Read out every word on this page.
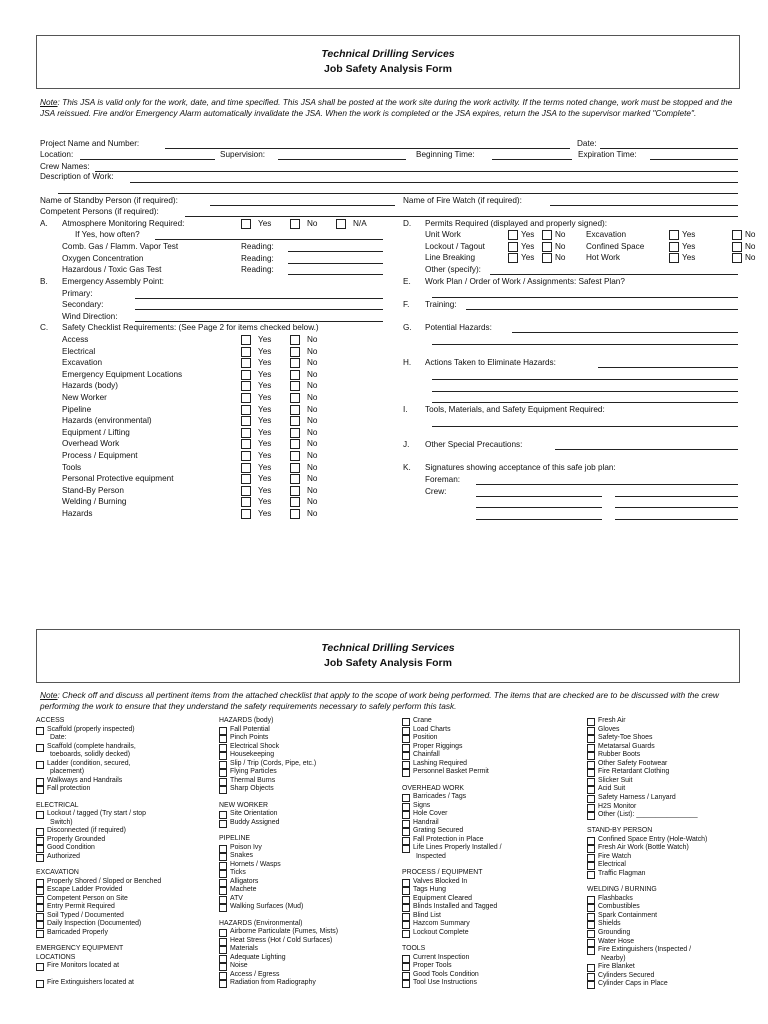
Technical Drilling Services
Job Safety Analysis Form
Note: This JSA is valid only for the work, date, and time specified. This JSA shall be posted at the work site during the work activity. If the terms noted change, work must be stopped and the JSA reissued. Fire and/or Emergency Alarm automatically invalidate the JSA. When the work is completed or the JSA expires, return the JSA to the supervisor marked "Complete".
Project Name and Number:	Date:
Location:	Supervision:	Beginning Time:	Expiration Time:
Crew Names:
Description of Work:
Name of Standby Person (if required):	Name of Fire Watch (if required):
Competent Persons (if required):
A. Atmosphere Monitoring Required:	Yes	No	N/A
If Yes, how often?
Comb. Gas / Flamm. Vapor Test	Reading:
Oxygen Concentration	Reading:
Hazardous / Toxic Gas Test	Reading:
B. Emergency Assembly Point:
Primary:
Secondary:
Wind Direction:
C. Safety Checklist Requirements: (See Page 2 for items checked below.)
Access	Yes	No
Electrical	Yes	No
Excavation	Yes	No
Emergency Equipment Locations	Yes	No
Hazards (body)	Yes	No
New Worker	Yes	No
Pipeline	Yes	No
Hazards (environmental)	Yes	No
Equipment / Lifting	Yes	No
Overhead Work	Yes	No
Process / Equipment	Yes	No
Tools	Yes	No
Personal Protective equipment	Yes	No
Stand-By Person	Yes	No
Welding / Burning	Yes	No
Hazards	Yes	No
D. Permits Required (displayed and properly signed):
Unit Work	Yes	No	Excavation	Yes	No
Lockout / Tagout	Yes	No	Confined Space	Yes	No
Line Breaking	Yes	No	Hot Work	Yes	No
Other (specify):
E. Work Plan / Order of Work / Assignments: Safest Plan?
F. Training:
G. Potential Hazards:
H. Actions Taken to Eliminate Hazards:
I. Tools, Materials, and Safety Equipment Required:
J. Other Special Precautions:
K. Signatures showing acceptance of this safe job plan:
Foreman:
Crew:
Technical Drilling Services
Job Safety Analysis Form
Note: Check off and discuss all pertinent items from the attached checklist that apply to the scope of work being performed. The items that are checked are to be discussed with the crew performing the work to ensure that they understand the safety requirements necessary to safely perform this task.
ACCESS
Scaffold (properly inspected)
Date:
Scaffold (complete handrails,
toeboards, solidly decked)
Ladder (condition, secured,
placement)
Walkways and Handrails
Fall protection
ELECTRICAL
Lockout / tagged (Try start / stop
Switch)
Disconnected (if required)
Properly Grounded
Good Condition
Authorized
EXCAVATION
Properly Shored / Sloped or Benched
Escape Ladder Provided
Competent Person on Site
Entry Permit Required
Soil Typed / Documented
Daily Inspection (Documented)
Barricaded Properly
EMERGENCY EQUIPMENT
LOCATIONS
Fire Monitors located at
Fire Extinguishers located at
HAZARDS (body)
Fall Potential
Pinch Points
Electrical Shock
Housekeeping
Slip / Trip (Cords, Pipe, etc.)
Flying Particles
Thermal Burns
Sharp Objects
NEW WORKER
Site Orientation
Buddy Assigned
PIPELINE
Poison Ivy
Snakes
Hornets / Wasps
Ticks
Alligators
Machete
ATV
Walking Surfaces (Mud)
HAZARDS (Environmental)
Airborne Particulate (Fumes, Mists)
Heat Stress (Hot / Cold Surfaces)
Materials
Adequate Lighting
Noise
Access / Egress
Radiation from Radiography
Crane
Load Charts
Position
Proper Riggings
Chainfall
Lashing Required
Personnel Basket Permit
OVERHEAD WORK
Barricades / Tags
Signs
Hole Cover
Handrail
Grating Secured
Fall Protection in Place
Life Lines Properly Installed /
Inspected
PROCESS / EQUIPMENT
Valves Blocked In
Tags Hung
Equipment Cleared
Blinds Installed and Tagged
Blind List
Hazcom Summary
Lockout Complete
TOOLS
Current Inspection
Proper Tools
Good Tools Condition
Tool Use Instructions
Fresh Air
Gloves
Safety-Toe Shoes
Metatarsal Guards
Rubber Boots
Other Safety Footwear
Fire Retardant Clothing
Slicker Suit
Acid Suit
Safety Harness / Lanyard
H2S Monitor
Other (List): ________________
STAND-BY PERSON
Confined Space Entry (Hole-Watch)
Fresh Air Work (Bottle Watch)
Fire Watch
Electrical
Traffic Flagman
WELDING / BURNING
Flashbacks
Combustibles
Spark Containment
Shields
Grounding
Water Hose
Fire Extinguishers (Inspected /
Nearby)
Fire Blanket
Cylinders Secured
Cylinder Caps in Place
